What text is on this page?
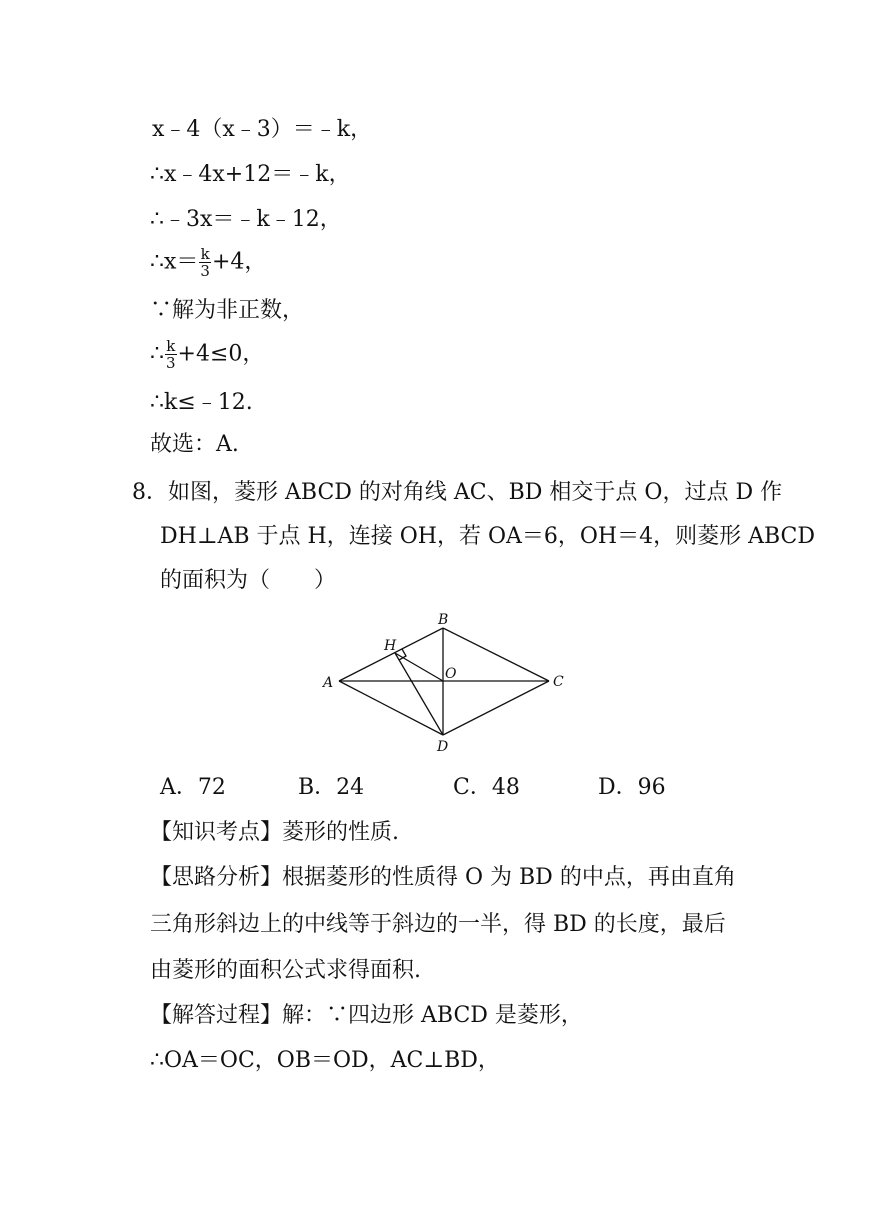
x﹣4（x﹣3）＝﹣k，
∴x﹣4x+12＝﹣k，
∴﹣3x＝﹣k﹣12，
∴x＝ $\frac{k}{3} +4$，
∵解为非正数，
∴ $\frac{k}{3} +4\le 0$，
∴k≤﹣12.
故选：A.
8．如图，菱形 ABCD 的对角线 AC、BD 相交于点 O，过点 D 作
DH⊥AB 于点 H，连接 OH，若 OA＝6，OH＝4，则菱形 ABCD
的面积为（　　）
A
B
C
D
H
O
A．72	B．24	C．48	D．96
【知识考点】菱形的性质.
【思路分析】根据菱形的性质得 O 为 BD 的中点，再由直角
三角形斜边上的中线等于斜边的一半，得 BD 的长度，最后
由菱形的面积公式求得面积.
【解答过程】解：∵四边形 ABCD 是菱形，
∴OA＝OC，OB＝OD，AC⊥BD，
